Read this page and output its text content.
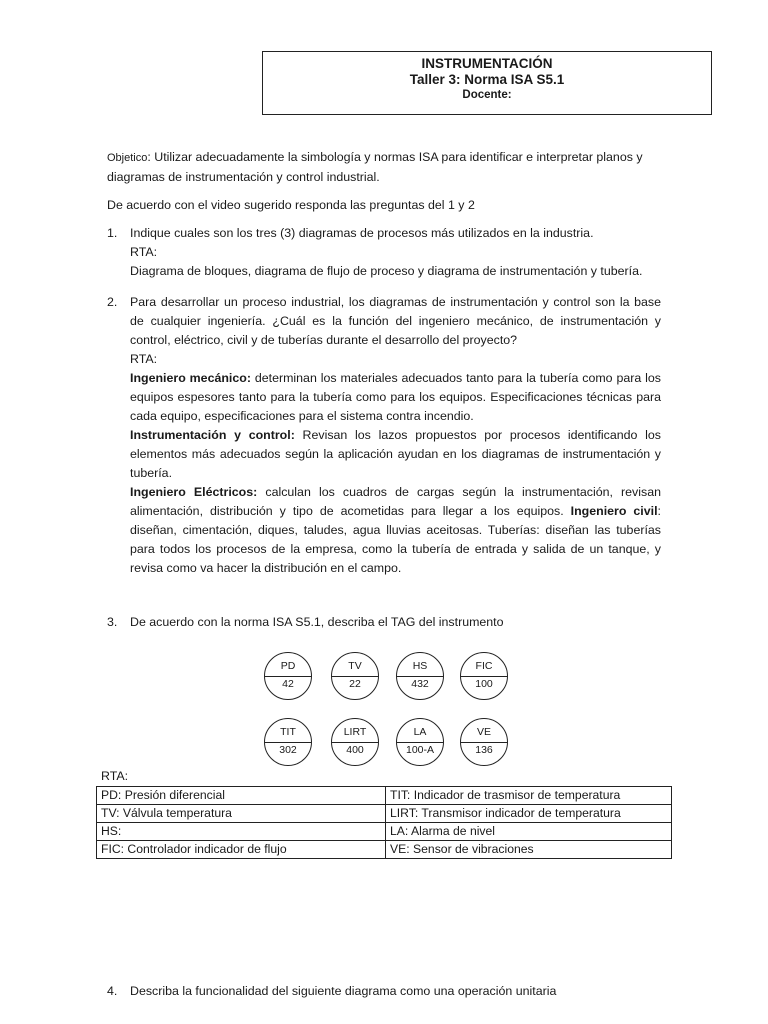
INSTRUMENTACIÓN
Taller 3: Norma ISA S5.1
Docente:
Objetico: Utilizar adecuadamente la simbología y normas ISA para identificar e interpretar planos y diagramas de instrumentación y control industrial.
De acuerdo con el video sugerido responda las preguntas del 1 y 2
1. Indique cuales son los tres (3) diagramas de procesos más utilizados en la industria.

RTA:

Diagrama de bloques, diagrama de flujo de proceso y diagrama de instrumentación y tubería.

2. Para desarrollar un proceso industrial, los diagramas de instrumentación y control son la base de cualquier ingeniería. ¿Cuál es la función del ingeniero mecánico, de instrumentación y control, eléctrico, civil y de tuberías durante el desarrollo del proyecto?

RTA:

Ingeniero mecánico: determinan los materiales adecuados tanto para la tubería como para los equipos espesores tanto para la tubería como para los equipos. Especificaciones técnicas para cada equipo, especificaciones para el sistema contra incendio.

Instrumentación y control: Revisan los lazos propuestos por procesos identificando los elementos más adecuados según la aplicación ayudan en los diagramas de instrumentación y tubería.

Ingeniero Eléctricos: calculan los cuadros de cargas según la instrumentación, revisan alimentación, distribución y tipo de acometidas para llegar a los equipos. Ingeniero civil: diseñan, cimentación, diques, taludes, agua lluvias aceitosas. Tuberías: diseñan las tuberías para todos los procesos de la empresa, como la tubería de entrada y salida de un tanque, y revisa como va hacer la distribución en el campo.

3. De acuerdo con la norma ISA S5.1, describa el TAG del instrumento
PD
42
TV
22
HS
432
FIC
100
TIT
302
LIRT
400
LA
100-A
VE
136
RTA:
PD: Presión diferencial	TIT: Indicador de trasmisor de temperatura
TV: Válvula temperatura	LIRT: Transmisor indicador de temperatura
HS:	LA: Alarma de nivel
FIC: Controlador indicador de flujo	VE: Sensor de vibraciones
4. Describa la funcionalidad del siguiente diagrama como una operación unitaria
